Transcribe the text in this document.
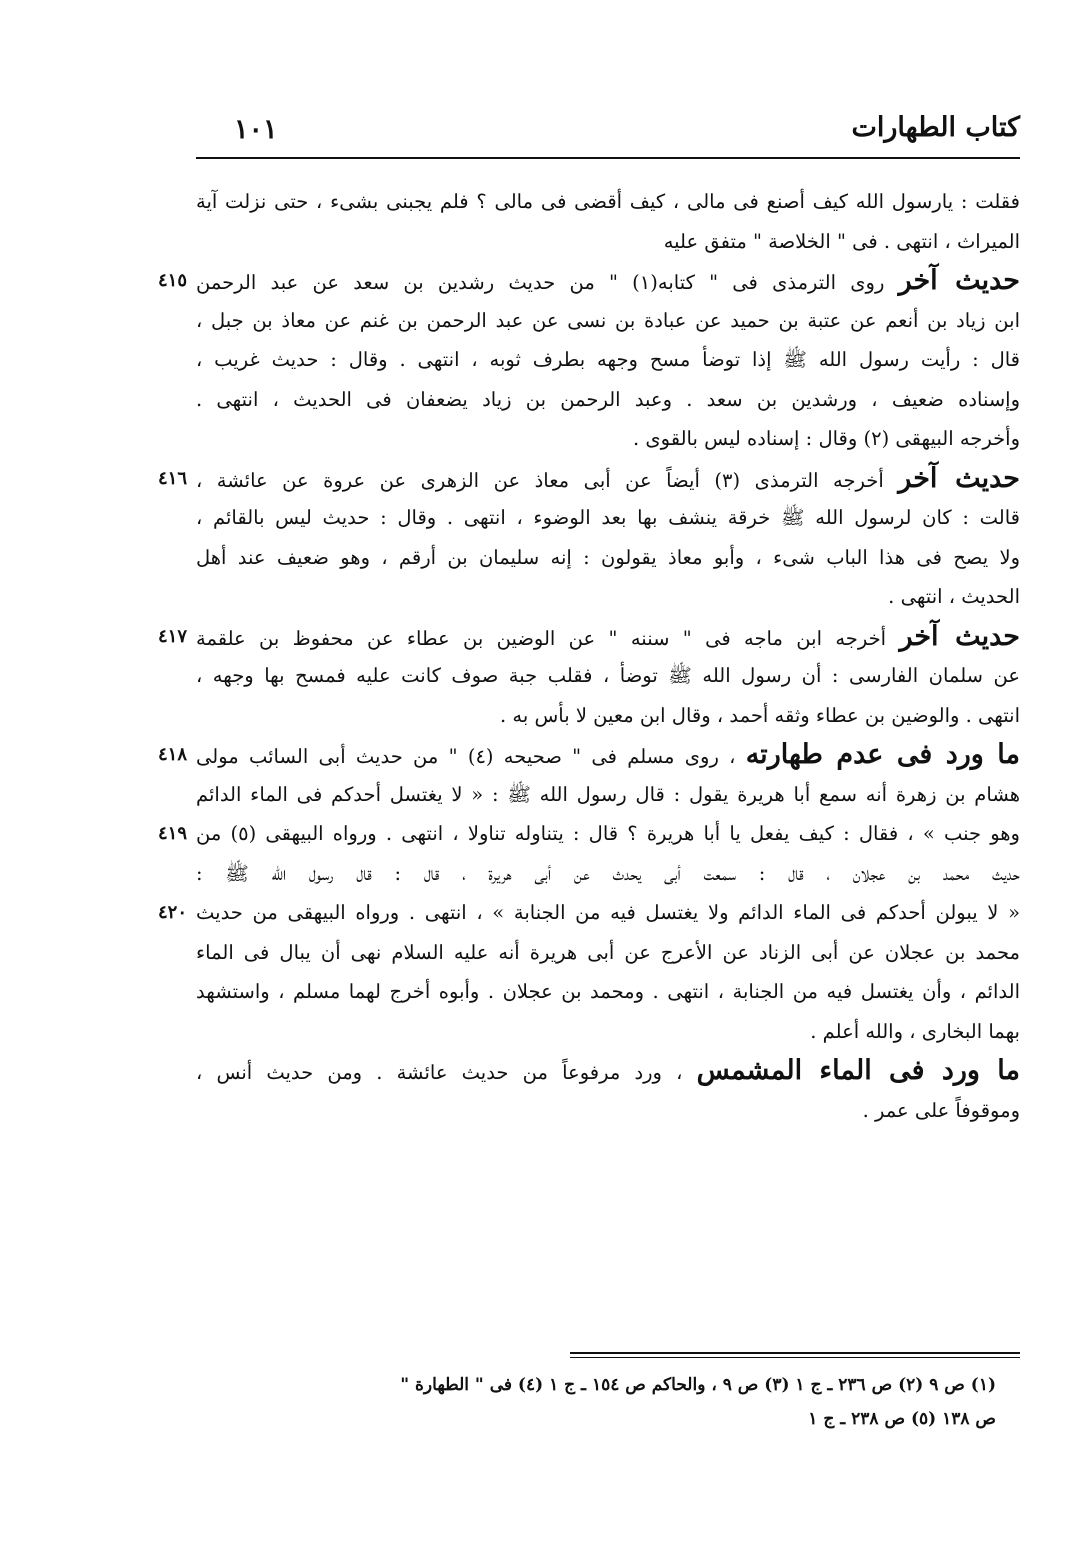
كتاب الطهارات
١٠١
فقلت : يارسول الله كيف أصنع فى مالى ، كيف أقضى فى مالى ؟ فلم يجبنى بشىء ، حتى نزلت آية
الميراث ، انتهى . فى " الخلاصة " متفق عليه
حديث آخر روى الترمذى فى " كتابه(١) " من حديث رشدين بن سعد عن عبد الرحمن
٤١٥
ابن زياد بن أنعم عن عتبة بن حميد عن عبادة بن نسى عن عبد الرحمن بن غنم عن معاذ بن جبل ،
قال : رأيت رسول الله ﷺ إذا توضأ مسح وجهه بطرف ثوبه ، انتهى . وقال : حديث غريب ،
وإسناده ضعيف ، ورشدين بن سعد . وعبد الرحمن بن زياد يضعفان فى الحديث ، انتهى .
وأخرجه البيهقى (٢) وقال : إسناده ليس بالقوى .
حديث آخر أخرجه الترمذى (٣) أيضاً عن أبى معاذ عن الزهرى عن عروة عن عائشة ،
٤١٦
قالت : كان لرسول الله ﷺ خرقة ينشف بها بعد الوضوء ، انتهى . وقال : حديث ليس بالقائم ،
ولا يصح فى هذا الباب شىء ، وأبو معاذ يقولون : إنه سليمان بن أرقم ، وهو ضعيف عند أهل
الحديث ، انتهى .
حديث آخر أخرجه ابن ماجه فى " سننه " عن الوضين بن عطاء عن محفوظ بن علقمة
٤١٧
عن سلمان الفارسى : أن رسول الله ﷺ توضأ ، فقلب جبة صوف كانت عليه فمسح بها وجهه ،
انتهى . والوضين بن عطاء وثقه أحمد ، وقال ابن معين لا بأس به .
ما ورد فى عدم طهارته ، روى مسلم فى " صحيحه (٤) " من حديث أبى السائب مولى
٤١٨
هشام بن زهرة أنه سمع أبا هريرة يقول : قال رسول الله ﷺ : « لا يغتسل أحدكم فى الماء الدائم
وهو جنب » ، فقال : كيف يفعل يا أبا هريرة ؟ قال : يتناوله تناولا ، انتهى . ورواه البيهقى (٥) من
٤١٩
حديث محمد بن عجلان ، قال : سمعت أبى يحدث عن أبى هريرة ، قال : قال رسول الله ﷺ :
« لا يبولن أحدكم فى الماء الدائم ولا يغتسل فيه من الجنابة » ، انتهى . ورواه البيهقى من حديث
٤٢٠
محمد بن عجلان عن أبى الزناد عن الأعرج عن أبى هريرة أنه عليه السلام نهى أن يبال فى الماء
الدائم ، وأن يغتسل فيه من الجنابة ، انتهى . ومحمد بن عجلان . وأبوه أخرج لهما مسلم ، واستشهد
بهما البخارى ، والله أعلم .
ما ورد فى الماء المشمس ، ورد مرفوعاً من حديث عائشة . ومن حديث أنس ،
وموقوفاً على عمر .
(١) ص ٩ (٢) ص ٢٣٦ ـ ج ١ (٣) ص ٩ ، والحاكم ص ١٥٤ ـ ج ١ (٤) فى " الطهارة "
ص ١٣٨ (٥) ص ٢٣٨ ـ ج ١
